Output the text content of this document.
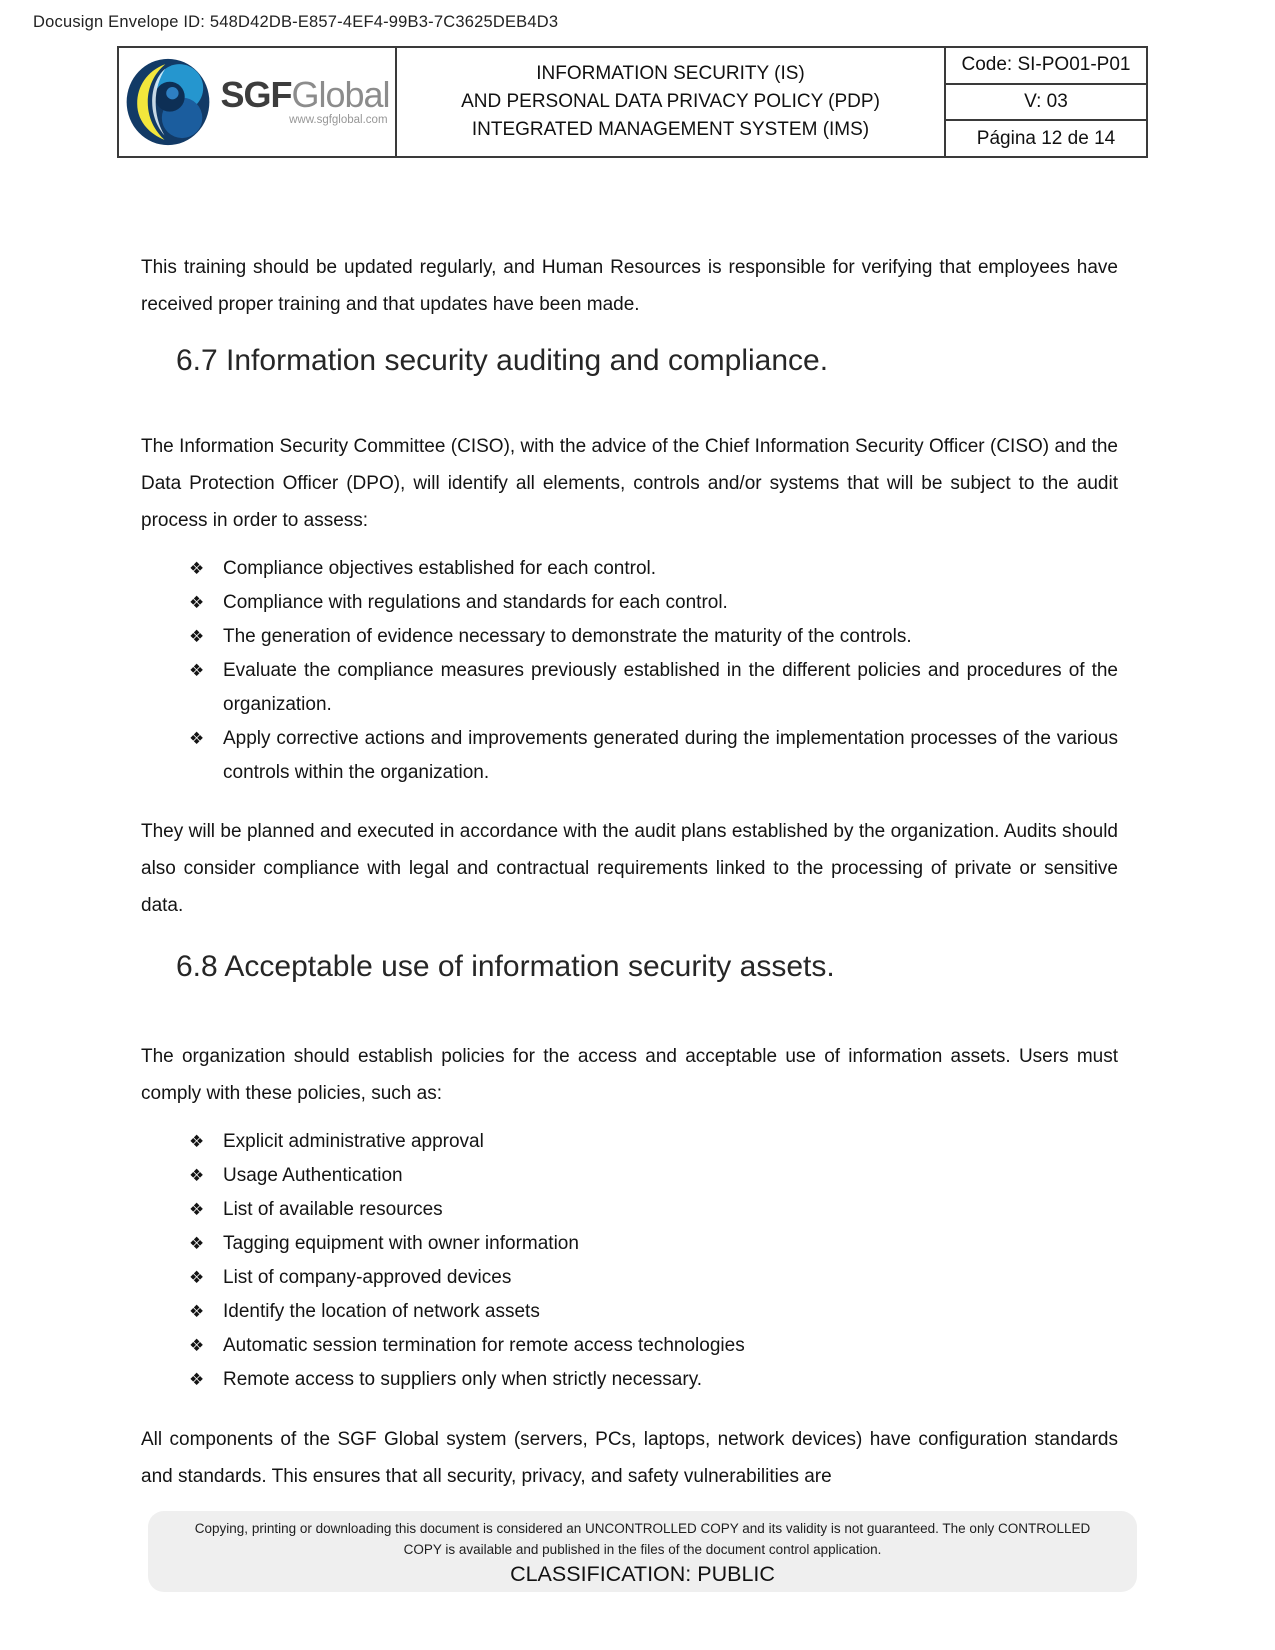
Docusign Envelope ID: 548D42DB-E857-4EF4-99B3-7C3625DEB4D3
SGFGlobal
www.sgfglobal.com
INFORMATION SECURITY (IS)
AND PERSONAL DATA PRIVACY POLICY (PDP)
INTEGRATED MANAGEMENT SYSTEM (IMS)
Code: SI-PO01-P01
V: 03
Página 12 de 14

This training should be updated regularly, and Human Resources is responsible for verifying that employees have received proper training and that updates have been made.

6.7 Information security auditing and compliance.

The Information Security Committee (CISO), with the advice of the Chief Information Security Officer (CISO) and the Data Protection Officer (DPO), will identify all elements, controls and/or systems that will be subject to the audit process in order to assess:

❖ Compliance objectives established for each control.
❖ Compliance with regulations and standards for each control.
❖ The generation of evidence necessary to demonstrate the maturity of the controls.
❖ Evaluate the compliance measures previously established in the different policies and procedures of the organization.
❖ Apply corrective actions and improvements generated during the implementation processes of the various controls within the organization.

They will be planned and executed in accordance with the audit plans established by the organization. Audits should also consider compliance with legal and contractual requirements linked to the processing of private or sensitive data.

6.8 Acceptable use of information security assets.

The organization should establish policies for the access and acceptable use of information assets. Users must comply with these policies, such as:

❖ Explicit administrative approval
❖ Usage Authentication
❖ List of available resources
❖ Tagging equipment with owner information
❖ List of company-approved devices
❖ Identify the location of network assets
❖ Automatic session termination for remote access technologies
❖ Remote access to suppliers only when strictly necessary.

All components of the SGF Global system (servers, PCs, laptops, network devices) have configuration standards and standards. This ensures that all security, privacy, and safety vulnerabilities are

Copying, printing or downloading this document is considered an UNCONTROLLED COPY and its validity is not guaranteed. The only CONTROLLED COPY is available and published in the files of the document control application.

CLASSIFICATION: PUBLIC
